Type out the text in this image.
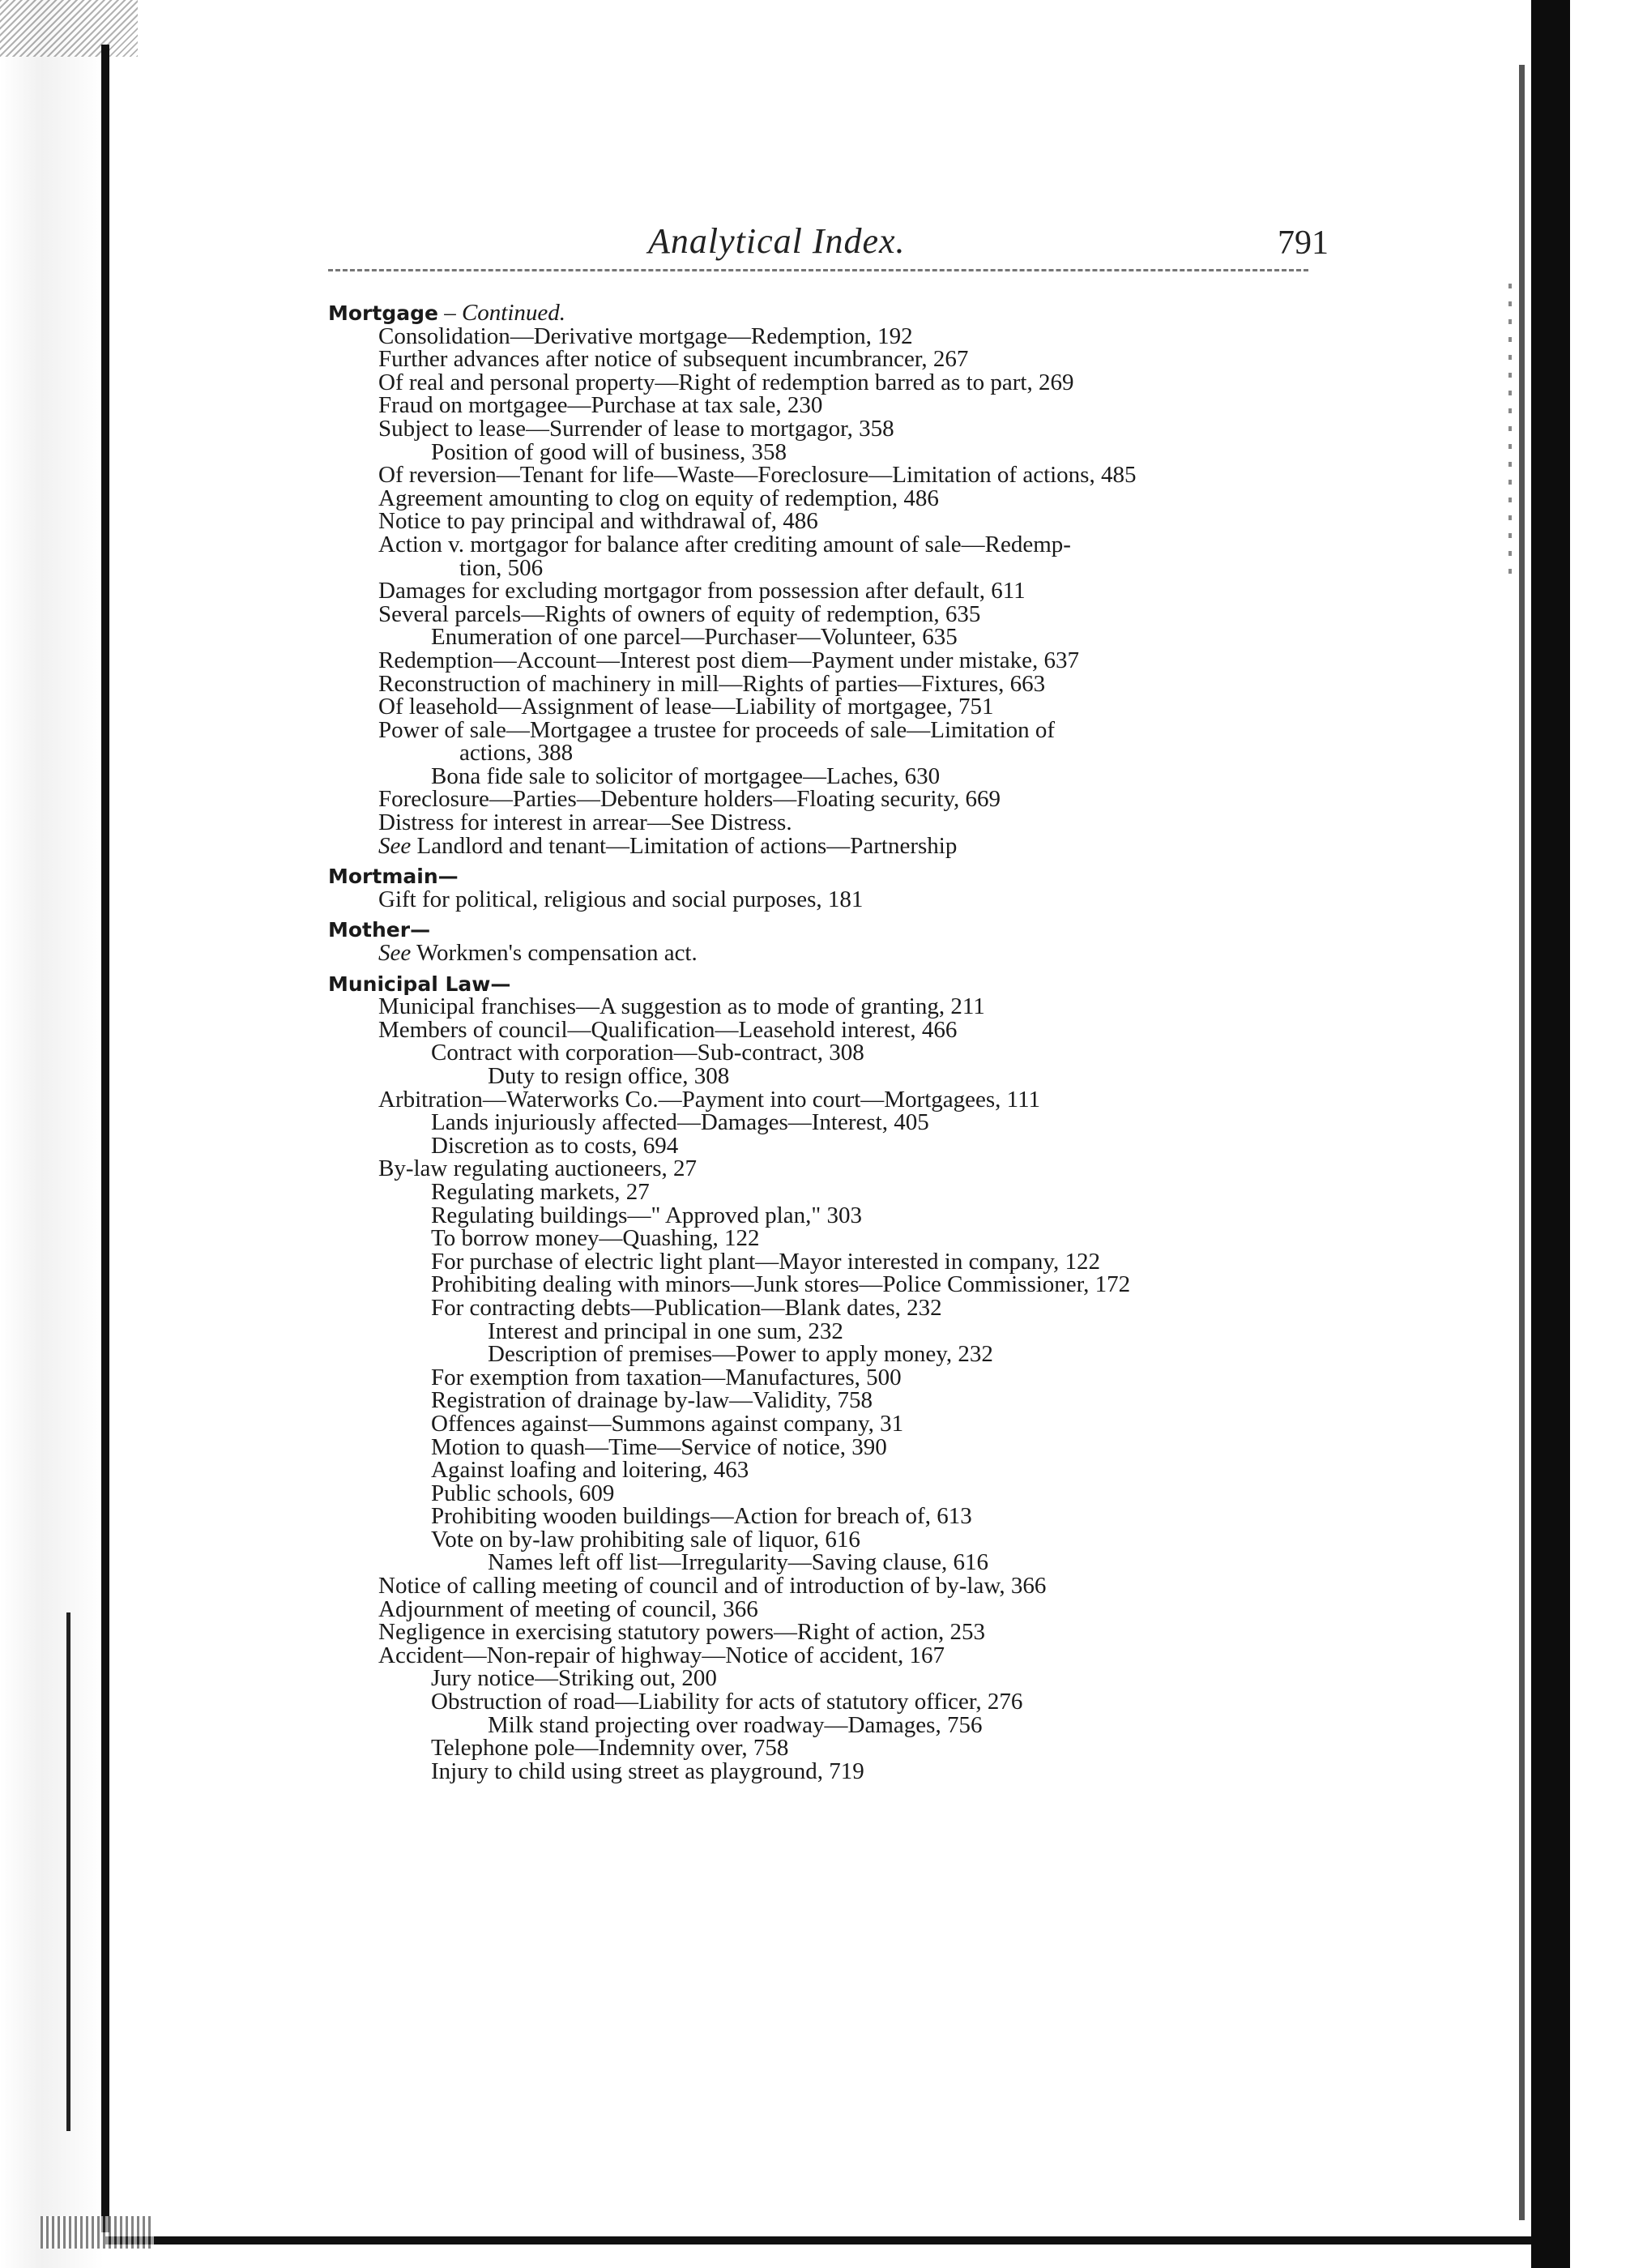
Analytical Index.	791
Mortgage – Continued.
Consolidation—Derivative mortgage—Redemption, 192
Further advances after notice of subsequent incumbrancer, 267
Of real and personal property—Right of redemption barred as to part, 269
Fraud on mortgagee—Purchase at tax sale, 230
Subject to lease—Surrender of lease to mortgagor, 358
Position of good will of business, 358
Of reversion—Tenant for life—Waste—Foreclosure—Limitation of actions, 485
Agreement amounting to clog on equity of redemption, 486
Notice to pay principal and withdrawal of, 486
Action v. mortgagor for balance after crediting amount of sale—Redemp-
tion, 506
Damages for excluding mortgagor from possession after default, 611
Several parcels—Rights of owners of equity of redemption, 635
Enumeration of one parcel—Purchaser—Volunteer, 635
Redemption—Account—Interest post diem—Payment under mistake, 637
Reconstruction of machinery in mill—Rights of parties—Fixtures, 663
Of leasehold—Assignment of lease—Liability of mortgagee, 751
Power of sale—Mortgagee a trustee for proceeds of sale—Limitation of
actions, 388
Bona fide sale to solicitor of mortgagee—Laches, 630
Foreclosure—Parties—Debenture holders—Floating security, 669
Distress for interest in arrear—See Distress.
See Landlord and tenant—Limitation of actions—Partnership
Mortmain—
Gift for political, religious and social purposes, 181
Mother—
See Workmen's compensation act.
Municipal Law—
Municipal franchises—A suggestion as to mode of granting, 211
Members of council—Qualification—Leasehold interest, 466
Contract with corporation—Sub-contract, 308
Duty to resign office, 308
Arbitration—Waterworks Co.—Payment into court—Mortgagees, 111
Lands injuriously affected—Damages—Interest, 405
Discretion as to costs, 694
By-law regulating auctioneers, 27
Regulating markets, 27
Regulating buildings—" Approved plan," 303
To borrow money—Quashing, 122
For purchase of electric light plant—Mayor interested in company, 122
Prohibiting dealing with minors—Junk stores—Police Commissioner, 172
For contracting debts—Publication—Blank dates, 232
Interest and principal in one sum, 232
Description of premises—Power to apply money, 232
For exemption from taxation—Manufactures, 500
Registration of drainage by-law—Validity, 758
Offences against—Summons against company, 31
Motion to quash—Time—Service of notice, 390
Against loafing and loitering, 463
Public schools, 609
Prohibiting wooden buildings—Action for breach of, 613
Vote on by-law prohibiting sale of liquor, 616
Names left off list—Irregularity—Saving clause, 616
Notice of calling meeting of council and of introduction of by-law, 366
Adjournment of meeting of council, 366
Negligence in exercising statutory powers—Right of action, 253
Accident—Non-repair of highway—Notice of accident, 167
Jury notice—Striking out, 200
Obstruction of road—Liability for acts of statutory officer, 276
Milk stand projecting over roadway—Damages, 756
Telephone pole—Indemnity over, 758
Injury to child using street as playground, 719
